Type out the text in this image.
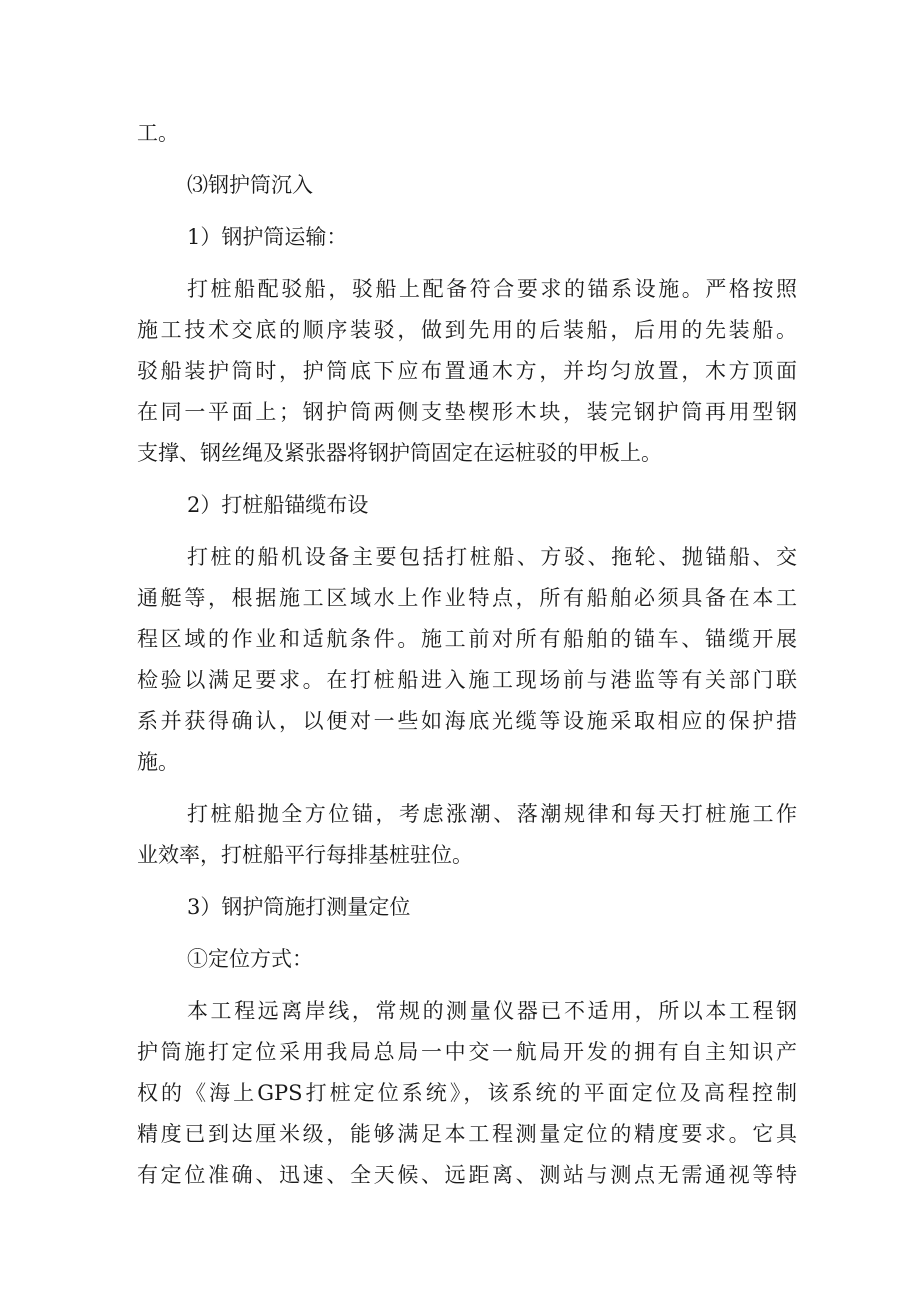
工。
⑶钢护筒沉入
1）钢护筒运输：
打桩船配驳船，驳船上配备符合要求的锚系设施。严格按照
施工技术交底的顺序装驳，做到先用的后装船，后用的先装船。
驳船装护筒时，护筒底下应布置通木方，并均匀放置，木方顶面
在同一平面上；钢护筒两侧支垫楔形木块，装完钢护筒再用型钢
支撑、钢丝绳及紧张器将钢护筒固定在运桩驳的甲板上。
2）打桩船锚缆布设
打桩的船机设备主要包括打桩船、方驳、拖轮、抛锚船、交
通艇等，根据施工区域水上作业特点，所有船舶必须具备在本工
程区域的作业和适航条件。施工前对所有船舶的锚车、锚缆开展
检验以满足要求。在打桩船进入施工现场前与港监等有关部门联
系并获得确认，以便对一些如海底光缆等设施采取相应的保护措
施。
打桩船抛全方位锚，考虑涨潮、落潮规律和每天打桩施工作
业效率，打桩船平行每排基桩驻位。
3）钢护筒施打测量定位
①定位方式：
本工程远离岸线，常规的测量仪器已不适用，所以本工程钢
护筒施打定位采用我局总局一中交一航局开发的拥有自主知识产
权的《海上GPS打桩定位系统》，该系统的平面定位及高程控制
精度已到达厘米级，能够满足本工程测量定位的精度要求。它具
有定位准确、迅速、全天候、远距离、测站与测点无需通视等特
